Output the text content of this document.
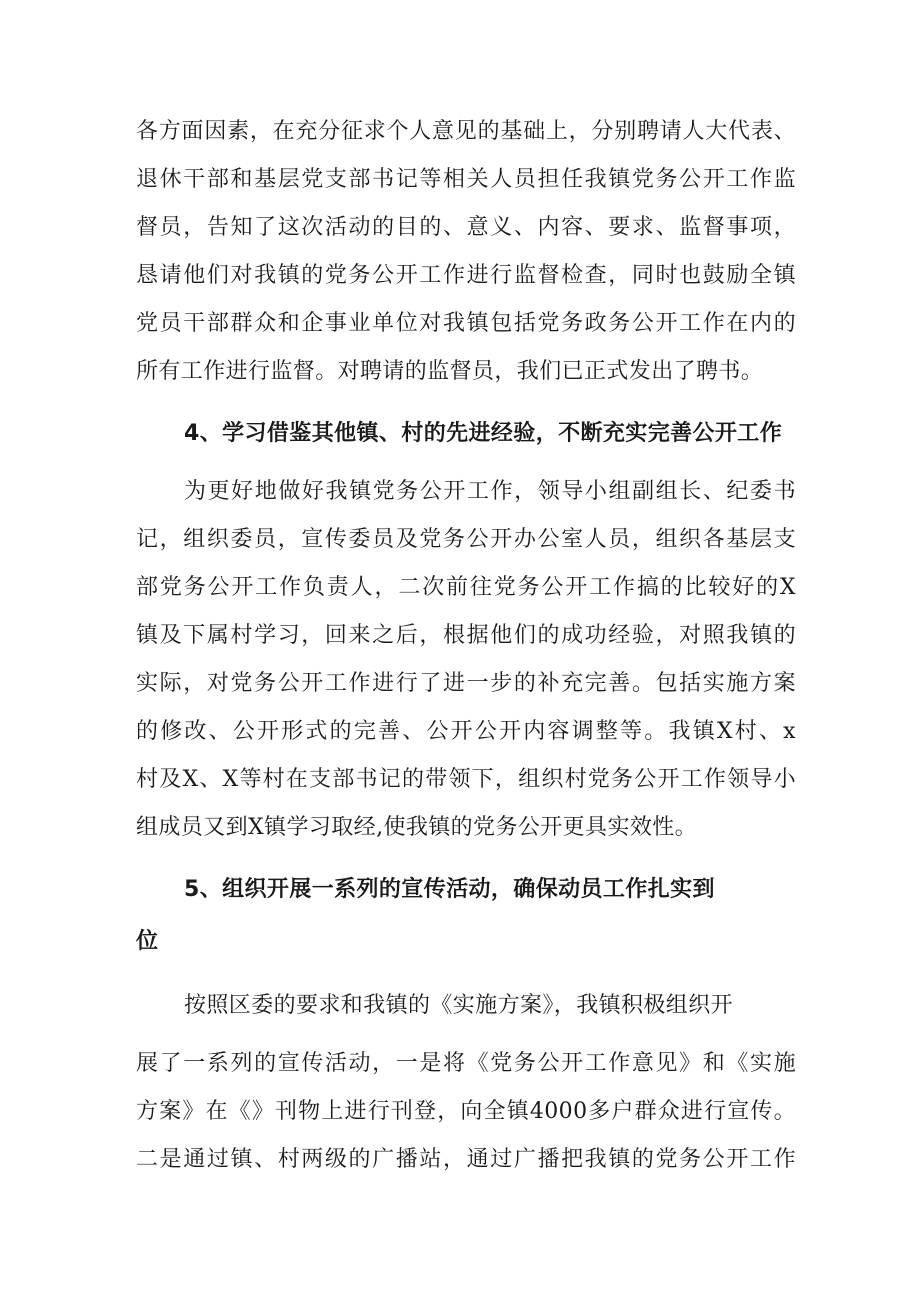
各方面因素，在充分征求个人意见的基础上，分别聘请人大代表、
退休干部和基层党支部书记等相关人员担任我镇党务公开工作监
督员，告知了这次活动的目的、意义、内容、要求、监督事项，
恳请他们对我镇的党务公开工作进行监督检查，同时也鼓励全镇
党员干部群众和企事业单位对我镇包括党务政务公开工作在内的
所有工作进行监督。对聘请的监督员，我们已正式发出了聘书。
4、学习借鉴其他镇、村的先进经验，不断充实完善公开工作
为更好地做好我镇党务公开工作，领导小组副组长、纪委书
记，组织委员，宣传委员及党务公开办公室人员，组织各基层支
部党务公开工作负责人，二次前往党务公开工作搞的比较好的X
镇及下属村学习，回来之后，根据他们的成功经验，对照我镇的
实际，对党务公开工作进行了进一步的补充完善。包括实施方案
的修改、公开形式的完善、公开公开内容调整等。我镇X村、x
村及X、X等村在支部书记的带领下，组织村党务公开工作领导小
组成员又到X镇学习取经,使我镇的党务公开更具实效性。
5、组织开展一系列的宣传活动，确保动员工作扎实到
位
按照区委的要求和我镇的《实施方案》，我镇积极组织开
展了一系列的宣传活动，一是将《党务公开工作意见》和《实施
方案》在《》刊物上进行刊登，向全镇4000多户群众进行宣传。
二是通过镇、村两级的广播站，通过广播把我镇的党务公开工作
